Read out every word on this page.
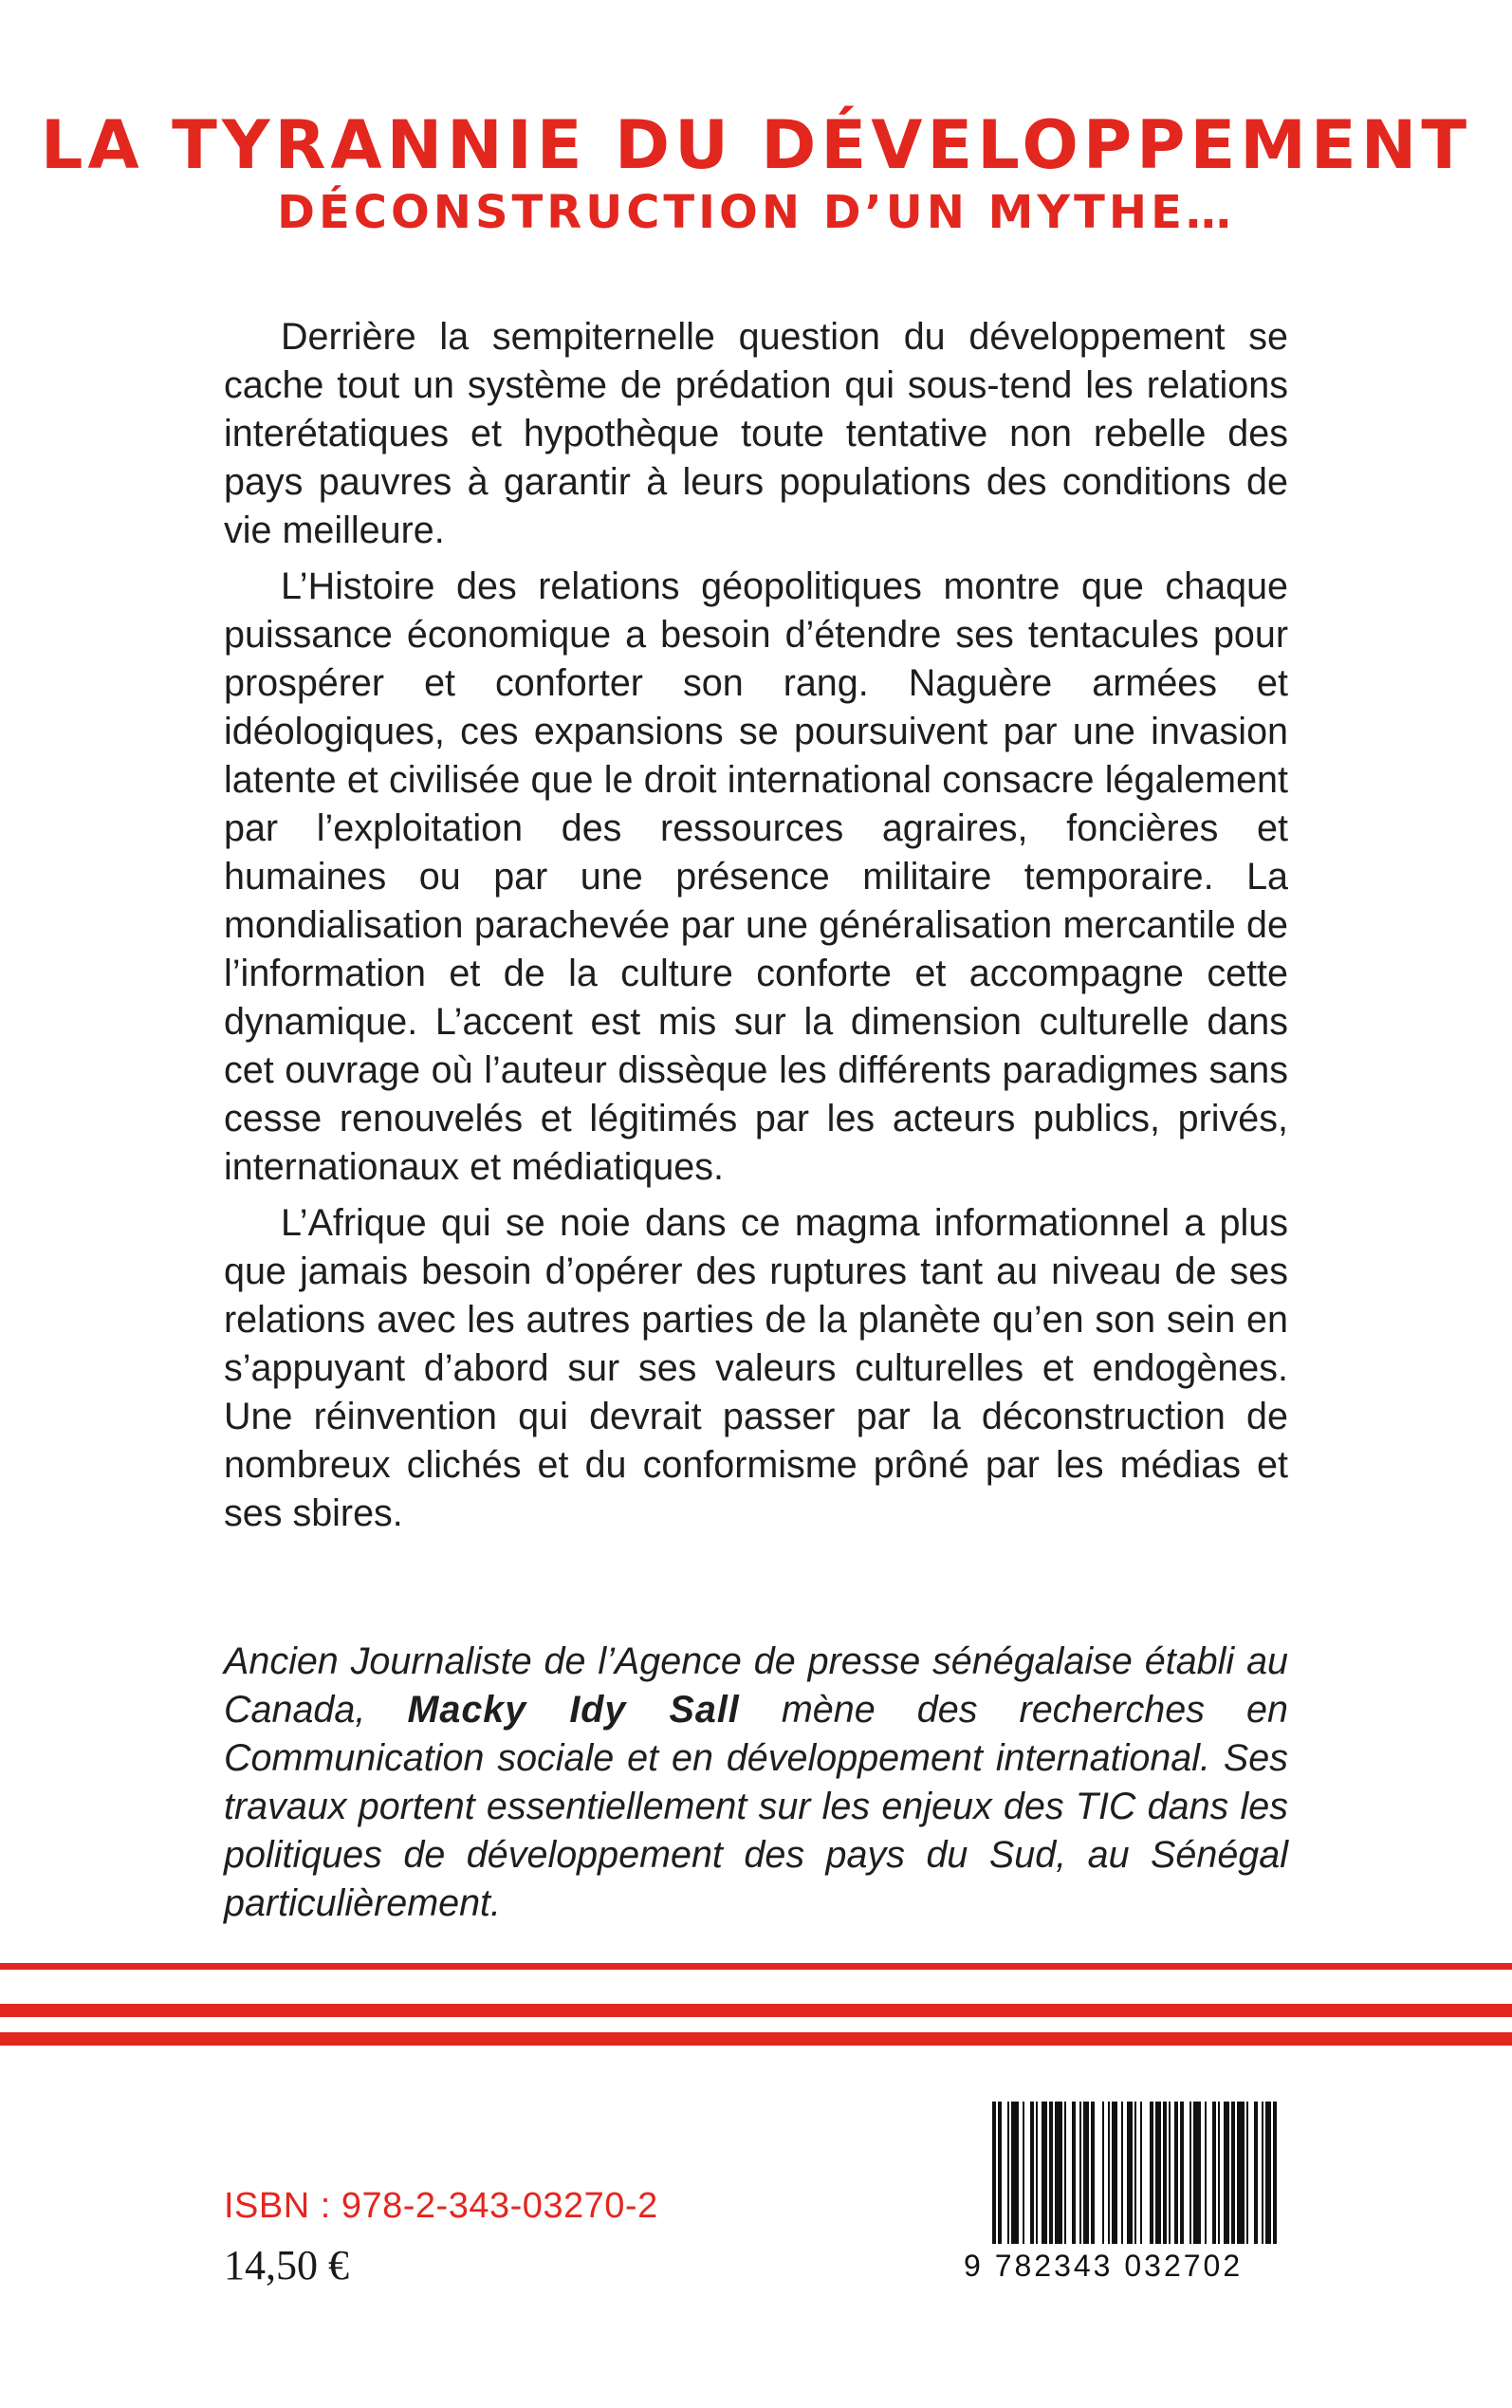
LA TYRANNIE DU DÉVELOPPEMENT
DÉCONSTRUCTION D’UN MYTHE…

Derrière la sempiternelle question du développement se cache tout un système de prédation qui sous-tend les relations interétatiques et hypothèque toute tentative non rebelle des pays pauvres à garantir à leurs populations des conditions de vie meilleure.

L’Histoire des relations géopolitiques montre que chaque puissance économique a besoin d’étendre ses tentacules pour prospérer et conforter son rang. Naguère armées et idéologiques, ces expansions se poursuivent par une invasion latente et civilisée que le droit international consacre légalement par l’exploitation des ressources agraires, foncières et humaines ou par une présence militaire temporaire. La mondialisation parachevée par une généralisation mercantile de l’information et de la culture conforte et accompagne cette dynamique. L’accent est mis sur la dimension culturelle dans cet ouvrage où l’auteur dissèque les différents paradigmes sans cesse renouvelés et légitimés par les acteurs publics, privés, internationaux et médiatiques.

L’Afrique qui se noie dans ce magma informationnel a plus que jamais besoin d’opérer des ruptures tant au niveau de ses relations avec les autres parties de la planète qu’en son sein en s’appuyant d’abord sur ses valeurs culturelles et endogènes. Une réinvention qui devrait passer par la déconstruction de nombreux clichés et du conformisme prôné par les médias et ses sbires.

Ancien Journaliste de l’Agence de presse sénégalaise établi au Canada, Macky Idy Sall mène des recherches en Communication sociale et en développement international. Ses travaux portent essentiellement sur les enjeux des TIC dans les politiques de développement des pays du Sud, au Sénégal particulièrement.

ISBN : 978-2-343-03270-2
14,50 €	9 782343 032702
